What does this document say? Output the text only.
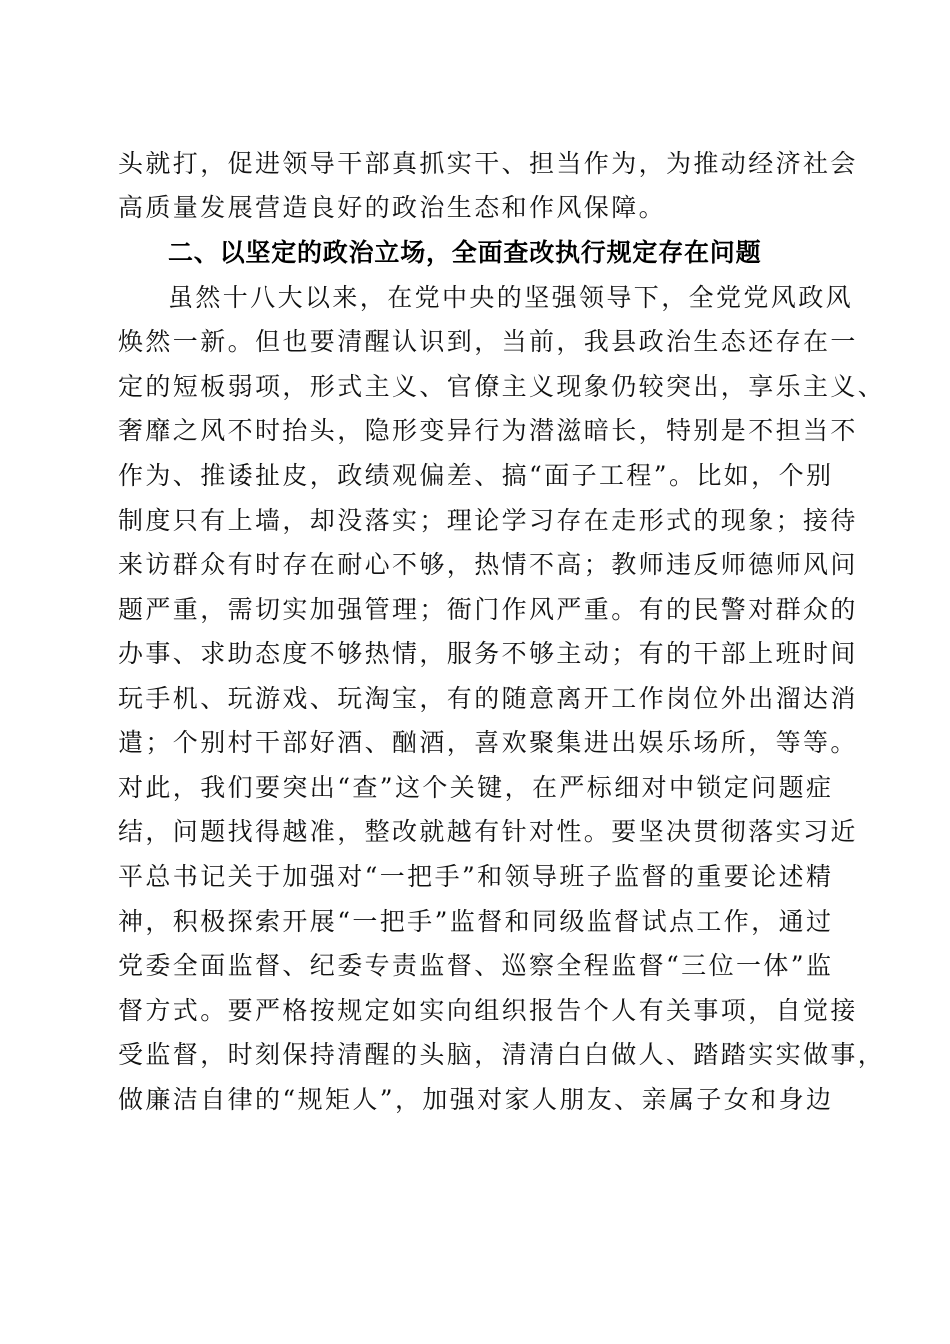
头就打，促进领导干部真抓实干、担当作为，为推动经济社会
高质量发展营造良好的政治生态和作风保障。
二、以坚定的政治立场，全面查改执行规定存在问题
虽然十八大以来，在党中央的坚强领导下，全党党风政风
焕然一新。但也要清醒认识到，当前，我县政治生态还存在一
定的短板弱项，形式主义、官僚主义现象仍较突出，享乐主义、
奢靡之风不时抬头，隐形变异行为潜滋暗长，特别是不担当不
作为、推诿扯皮，政绩观偏差、搞“面子工程”。比如，个别
制度只有上墙，却没落实；理论学习存在走形式的现象；接待
来访群众有时存在耐心不够，热情不高；教师违反师德师风问
题严重，需切实加强管理；衙门作风严重。有的民警对群众的
办事、求助态度不够热情，服务不够主动；有的干部上班时间
玩手机、玩游戏、玩淘宝，有的随意离开工作岗位外出溜达消
遣；个别村干部好酒、酗酒，喜欢聚集进出娱乐场所，等等。
对此，我们要突出“查”这个关键，在严标细对中锁定问题症
结，问题找得越准，整改就越有针对性。要坚决贯彻落实习近
平总书记关于加强对“一把手”和领导班子监督的重要论述精
神，积极探索开展“一把手”监督和同级监督试点工作，通过
党委全面监督、纪委专责监督、巡察全程监督“三位一体”监
督方式。要严格按规定如实向组织报告个人有关事项，自觉接
受监督，时刻保持清醒的头脑，清清白白做人、踏踏实实做事，
做廉洁自律的“规矩人”，加强对家人朋友、亲属子女和身边
